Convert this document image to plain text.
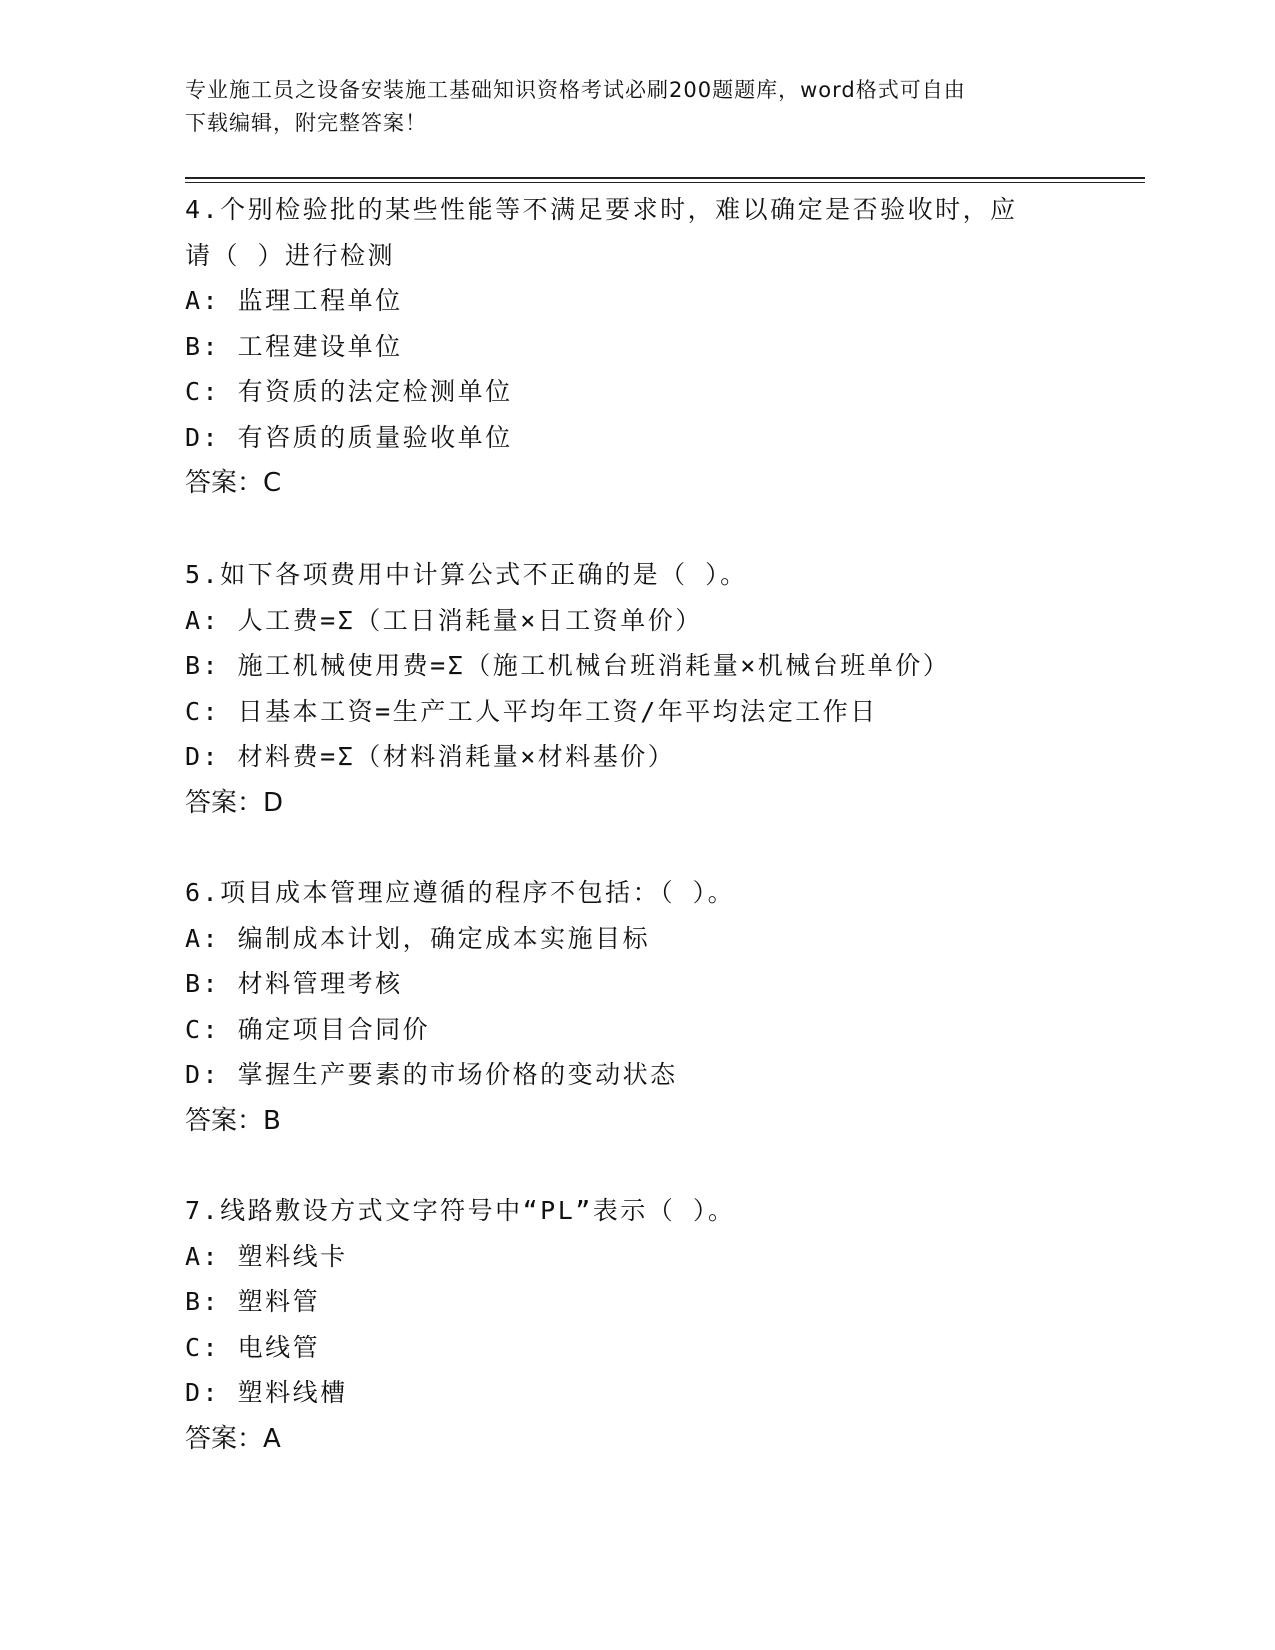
专业施工员之设备安装施工基础知识资格考试必刷200题题库，word格式可自由
下载编辑，附完整答案！
4.个别检验批的某些性能等不满足要求时，难以确定是否验收时，应
请（ ）进行检测
A: 监理工程单位
B: 工程建设单位
C: 有资质的法定检测单位
D: 有咨质的质量验收单位
答案：C
5.如下各项费用中计算公式不正确的是（ ）。
A: 人工费=Σ（工日消耗量×日工资单价）
B: 施工机械使用费=Σ（施工机械台班消耗量×机械台班单价）
C: 日基本工资=生产工人平均年工资/年平均法定工作日
D: 材料费=Σ（材料消耗量×材料基价）
答案：D
6.项目成本管理应遵循的程序不包括：（ ）。
A: 编制成本计划，确定成本实施目标
B: 材料管理考核
C: 确定项目合同价
D: 掌握生产要素的市场价格的变动状态
答案：B
7.线路敷设方式文字符号中“PL”表示（ ）。
A: 塑料线卡
B: 塑料管
C: 电线管
D: 塑料线槽
答案：A
